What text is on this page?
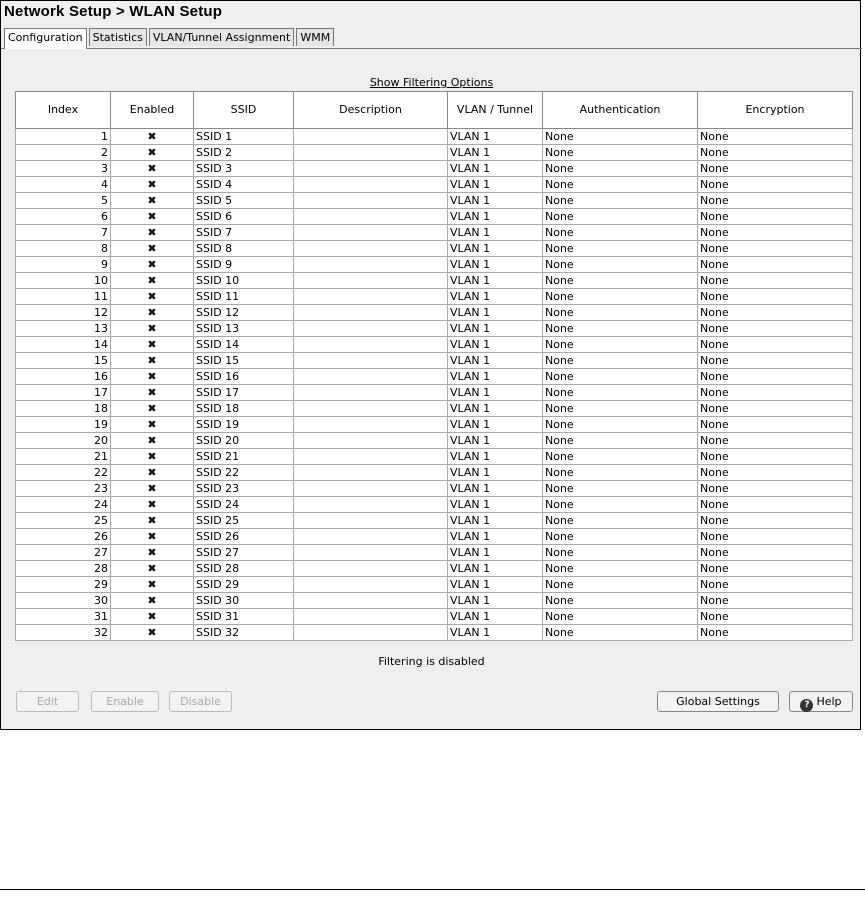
Network Setup > WLAN Setup
Configuration Statistics VLAN/Tunnel Assignment WMM
Show Filtering Options
Index	Enabled	SSID	Description	VLAN / Tunnel	Authentication	Encryption
1	✖	SSID 1		VLAN 1	None	None
2	✖	SSID 2		VLAN 1	None	None
3	✖	SSID 3		VLAN 1	None	None
4	✖	SSID 4		VLAN 1	None	None
5	✖	SSID 5		VLAN 1	None	None
6	✖	SSID 6		VLAN 1	None	None
7	✖	SSID 7		VLAN 1	None	None
8	✖	SSID 8		VLAN 1	None	None
9	✖	SSID 9		VLAN 1	None	None
10	✖	SSID 10		VLAN 1	None	None
11	✖	SSID 11		VLAN 1	None	None
12	✖	SSID 12		VLAN 1	None	None
13	✖	SSID 13		VLAN 1	None	None
14	✖	SSID 14		VLAN 1	None	None
15	✖	SSID 15		VLAN 1	None	None
16	✖	SSID 16		VLAN 1	None	None
17	✖	SSID 17		VLAN 1	None	None
18	✖	SSID 18		VLAN 1	None	None
19	✖	SSID 19		VLAN 1	None	None
20	✖	SSID 20		VLAN 1	None	None
21	✖	SSID 21		VLAN 1	None	None
22	✖	SSID 22		VLAN 1	None	None
23	✖	SSID 23		VLAN 1	None	None
24	✖	SSID 24		VLAN 1	None	None
25	✖	SSID 25		VLAN 1	None	None
26	✖	SSID 26		VLAN 1	None	None
27	✖	SSID 27		VLAN 1	None	None
28	✖	SSID 28		VLAN 1	None	None
29	✖	SSID 29		VLAN 1	None	None
30	✖	SSID 30		VLAN 1	None	None
31	✖	SSID 31		VLAN 1	None	None
32	✖	SSID 32		VLAN 1	None	None
Filtering is disabled
Edit	Enable	Disable	Global Settings	? Help
